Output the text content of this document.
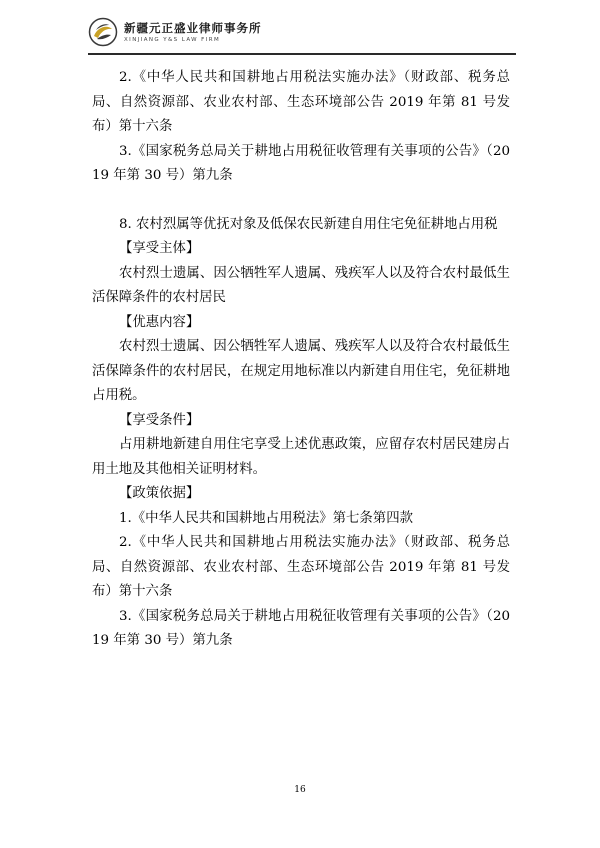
新疆元正盛业律师事务所
XINJIANG Y&S LAW FIRM

2.《中华人民共和国耕地占用税法实施办法》（财政部、税务总局、自然资源部、农业农村部、生态环境部公告 2019 年第 81 号发布）第十六条

3.《国家税务总局关于耕地占用税征收管理有关事项的公告》（2019 年第 30 号）第九条

8. 农村烈属等优抚对象及低保农民新建自用住宅免征耕地占用税

【享受主体】

农村烈士遗属、因公牺牲军人遗属、残疾军人以及符合农村最低生活保障条件的农村居民

【优惠内容】

农村烈士遗属、因公牺牲军人遗属、残疾军人以及符合农村最低生活保障条件的农村居民，在规定用地标准以内新建自用住宅，免征耕地占用税。

【享受条件】

占用耕地新建自用住宅享受上述优惠政策，应留存农村居民建房占用土地及其他相关证明材料。

【政策依据】

1.《中华人民共和国耕地占用税法》第七条第四款

2.《中华人民共和国耕地占用税法实施办法》（财政部、税务总局、自然资源部、农业农村部、生态环境部公告 2019 年第 81 号发布）第十六条

3.《国家税务总局关于耕地占用税征收管理有关事项的公告》（2019 年第 30 号）第九条

16
